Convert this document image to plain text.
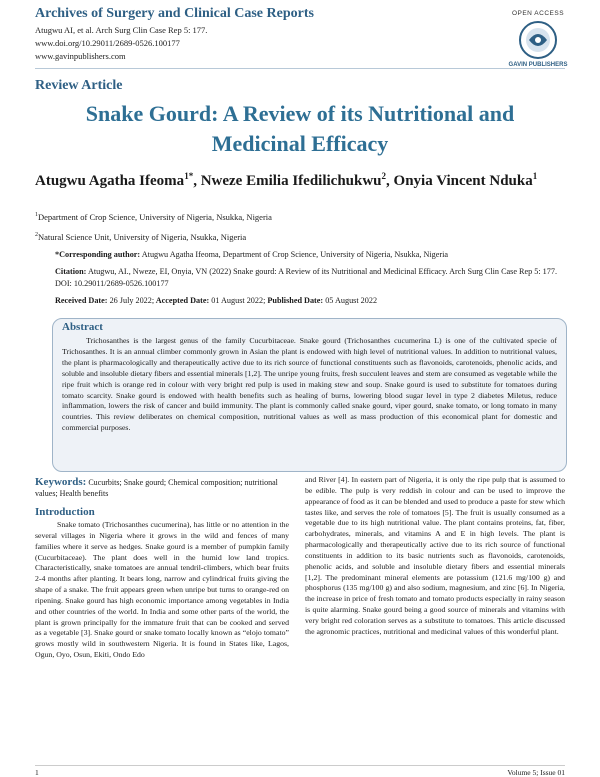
Archives of Surgery and Clinical Case Reports
Atugwu AI, et al. Arch Surg Clin Case Rep 5: 177.
www.doi.org/10.29011/2689-0526.100177
www.gavinpublishers.com
OPEN ACCESS
GAVIN PUBLISHERS
Review Article
Snake Gourd: A Review of its Nutritional and
Medicinal Efficacy
Atugwu Agatha Ifeoma$^{1*}$, Nweze Emilia Ifedilichukwu$^2$, Onyia Vincent Nduka$^1$
$^1$Department of Crop Science, University of Nigeria, Nsukka, Nigeria
$^2$Natural Science Unit, University of Nigeria, Nsukka, Nigeria
*Corresponding author: Atugwu Agatha Ifeoma, Department of Crop Science, University of Nigeria, Nsukka, Nigeria
Citation: Atugwu, AI., Nweze, EI, Onyia, VN (2022) Snake gourd: A Review of its Nutritional and Medicinal Efficacy. Arch Surg Clin Case Rep 5: 177. DOI: 10.29011/2689-0526.100177
Received Date: 26 July 2022; Accepted Date: 01 August 2022; Published Date: 05 August 2022
Abstract
Trichosanthes is the largest genus of the family Cucurbitaceae. Snake gourd (Trichosanthes cucumerina L) is one of the cultivated specie of Trichosanthes. It is an annual climber commonly grown in Asian the plant is endowed with high level of nutritional values. In addition to nutritional values, the plant is pharmacologically and therapeutically active due to its rich source of functional constituents such as flavonoids, carotenoids, phenolic acids, and soluble and insoluble dietary fibers and essential minerals [1,2]. The unripe young fruits, fresh succulent leaves and stem are consumed as vegetable while the ripe fruit which is orange red in colour with very bright red pulp is used in making stew and soup. Snake gourd is used to substitute for tomatoes during tomato scarcity. Snake gourd is endowed with health benefits such as healing of burns, lowering blood sugar level in type 2 diabetes Miletus, reduce inflammation, lowers the risk of cancer and build immunity. The plant is commonly called snake gourd, viper gourd, snake tomato, or long tomato in many countries. This review deliberates on chemical composition, nutritional values as well as mass production of this economical plant for domestic and commercial purposes.
Keywords: Cucurbits; Snake gourd; Chemical composition; nutritional values; Health benefits
Introduction
Snake tomato (Trichosanthes cucumerina), has little or no attention in the several villages in Nigeria where it grows in the wild and fences of many families where it serve as hedges. Snake gourd is a member of pumpkin family (Cucurbitaceae). The plant does well in the humid low land tropics. Characteristically, snake tomatoes are annual tendril-climbers, which bear fruits 2-4 months after planting. It bears long, narrow and cylindrical fruits giving the shape of a snake. The fruit appears green when unripe but turns to orange-red on ripening. Snake gourd has high economic importance among vegetables in India and other countries of the world. In India and some other parts of the world, the plant is grown principally for the immature fruit that can be cooked and served as a vegetable [3]. Snake gourd or snake tomato locally known as “elojo tomato” grows mostly wild in southwestern Nigeria. It is found in States like, Lagos, Ogun, Oyo, Osun, Ekiti, Ondo Edo
and River [4]. In eastern part of Nigeria, it is only the ripe pulp that is assumed to be edible. The pulp is very reddish in colour and can be used to improve the appearance of food as it can be blended and used to produce a paste for stew which tastes like, and serves the role of tomatoes [5]. The fruit is usually consumed as a vegetable due to its high nutritional value. The plant contains proteins, fat, fiber, carbohydrates, minerals, and vitamins A and E in high levels. The plant is pharmacologically and therapeutically active due to its rich source of functional constituents in addition to its basic nutrients such as flavonoids, carotenoids, phenolic acids, and soluble and insoluble dietary fibers and essential minerals [1,2]. The predominant mineral elements are potassium (121.6 mg/100 g) and phosphorus (135 mg/100 g) and also sodium, magnesium, and zinc [6]. In Nigeria, the increase in price of fresh tomato and tomato products especially in rainy season is quite alarming. Snake gourd being a good source of minerals and vitamins with very bright red coloration serves as a substitute to tomatoes. This article discussed the agronomic practices, nutritional and medicinal values of this wonderful plant.
1	Volume 5; Issue 01
